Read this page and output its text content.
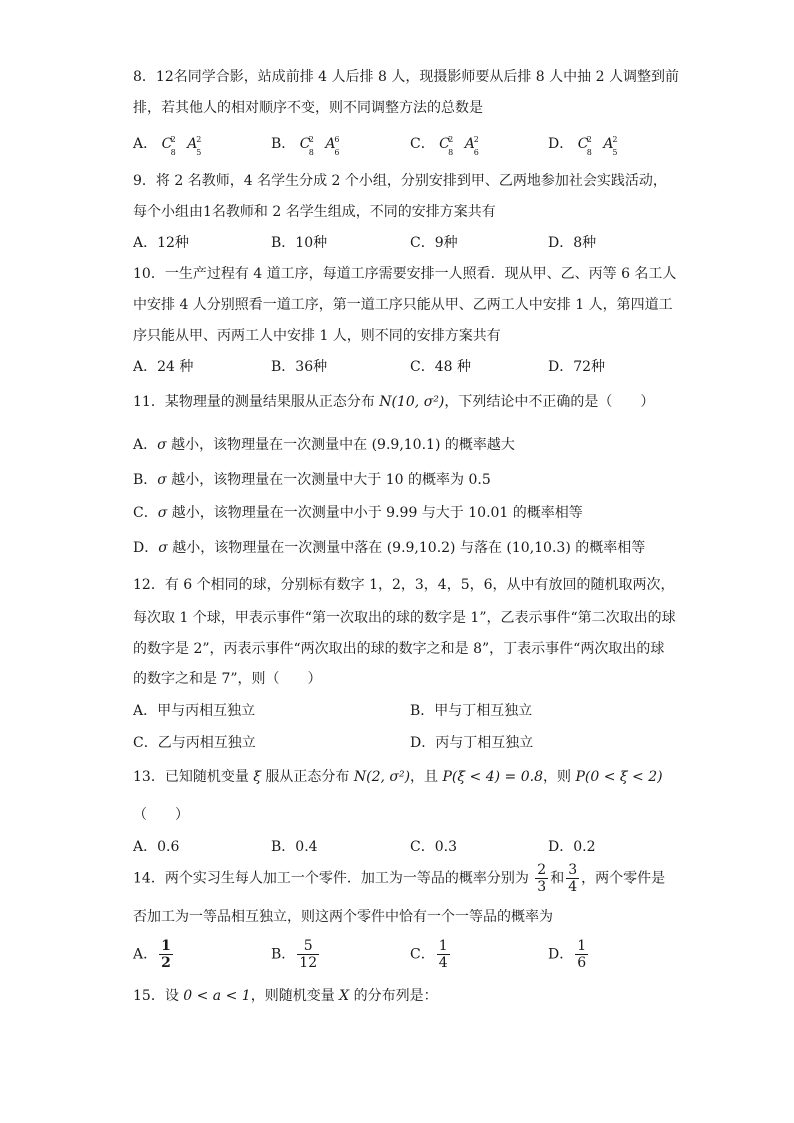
8．12名同学合影，站成前排 4 人后排 8 人，现摄影师要从后排 8 人中抽 2 人调整到前
排，若其他人的相对顺序不变，则不同调整方法的总数是
A． C
2
8
A
2
5
B． C
2
8
A
6
6
C． C
2
8
A
2
6
D． C
2
8
A
2
5
9．将 2 名教师，4 名学生分成 2 个小组，分别安排到甲、乙两地参加社会实践活动，
每个小组由1名教师和 2 名学生组成，不同的安排方案共有
A．12种	B．10种	C．9种	D．8种
10．一生产过程有 4 道工序，每道工序需要安排一人照看．现从甲、乙、丙等 6 名工人
中安排 4 人分别照看一道工序，第一道工序只能从甲、乙两工人中安排 1 人，第四道工
序只能从甲、丙两工人中安排 1 人，则不同的安排方案共有
A．24 种	B．36种	C．48 种	D．72种
11．某物理量的测量结果服从正态分布 N(10, σ²)，下列结论中不正确的是（　　）
A．σ 越小，该物理量在一次测量中在 (9.9,10.1) 的概率越大
B．σ 越小，该物理量在一次测量中大于 10 的概率为 0.5
C．σ 越小，该物理量在一次测量中小于 9.99 与大于 10.01 的概率相等
D．σ 越小，该物理量在一次测量中落在 (9.9,10.2) 与落在 (10,10.3) 的概率相等
12．有 6 个相同的球，分别标有数字 1，2，3，4，5，6，从中有放回的随机取两次，
每次取 1 个球，甲表示事件“第一次取出的球的数字是 1”，乙表示事件“第二次取出的球
的数字是 2”，丙表示事件“两次取出的球的数字之和是 8”，丁表示事件“两次取出的球
的数字之和是 7”，则（　　）
A．甲与丙相互独立	B．甲与丁相互独立
C．乙与丙相互独立	D．丙与丁相互独立
13．已知随机变量 ξ 服从正态分布 N(2, σ²)，且 P(ξ < 4) = 0.8，则 P(0 < ξ < 2)
（　　）
A．0.6	B．0.4	C．0.3	D．0.2
14．两个实习生每人加工一个零件．加工为一等品的概率分别为 $\frac{2}{3}$ 和 $\frac{3}{4}$ ，两个零件是
否加工为一等品相互独立，则这两个零件中恰有一个一等品的概率为
A． $\frac{1}{2}$	B． $\frac{5}{12}$	C． $\frac{1}{4}$	D． $\frac{1}{6}$
15．设 0 < a < 1，则随机变量 X 的分布列是：
